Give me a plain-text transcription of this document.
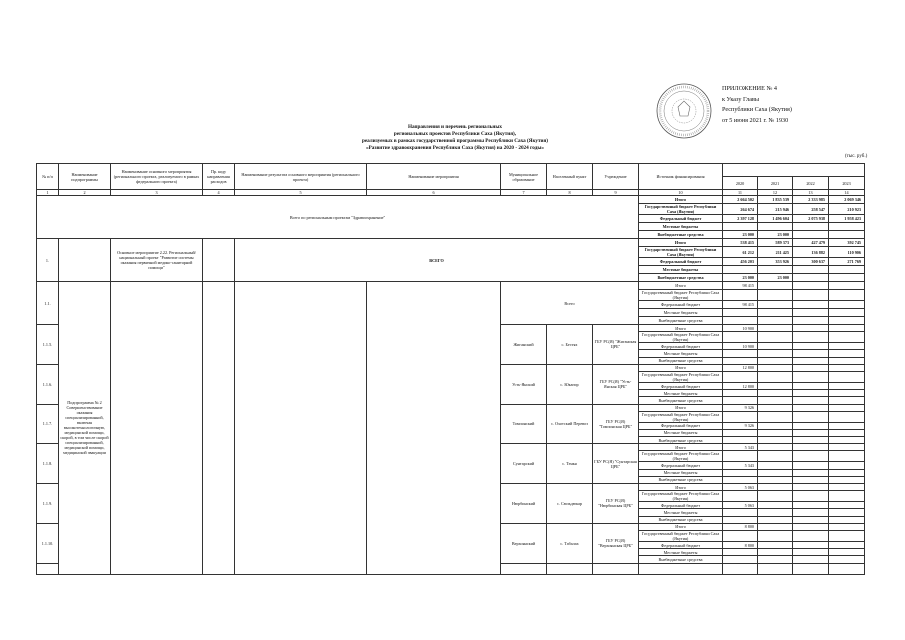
ПРИЛОЖЕНИЕ № 4
к Указу Главы
Республики Саха (Якутия)
от 5 июня 2021 г. № 1930
Направления и перечень региональных
региональных проектов Республики Саха (Якутия),
реализуемых в рамках государственной программы Республики Саха (Якутия)
«Развитие здравоохранения Республики Саха (Якутия) на 2020 - 2024 годы»
(тыс. руб.)
№ п/п	Наименование подпрограммы	Наименование основного мероприятия (регионального проекта, реализуемого в рамках федерального проекта)	Пр. коду направления расходов	Наименование результата основного мероприятия (регионального проекта)	Наименование мероприятия	Муниципальное образование	Населенный пункт	Учреждение	Источник финансирования					
										2020	2021	2022	2023	
1	2	3	4	5	6	7	8	9	10	11	12	13	14	
Всего по региональным проектам "Здравоохранение"									Итого	2 664 502	1 835 539	2 333 985	2 069 346	
									Государственный бюджет Республики Саха (Якутия)	264 674	215 946	258 547	210 923	
									Федеральный бюджет	2 397 128	1 496 604	2 075 938	1 958 423	
									Местные бюджеты					
									Внебюджетные средства	23 000	23 000			
1.		Основное мероприятие 2.22. Региональный/национальный проект "Развитие системы оказания первичной медико-санитарной помощи"		ВСЕГО					Итого	538 415	589 373	427 479	392 745	
									Государственный бюджет Республики Саха (Якутия)	61 212	211 425	136 882	110 906	
									Федеральный бюджет	456 203	353 926	300 637	271 769	
									Местные бюджеты					
									Внебюджетные средства	23 000	23 000			
1.1.	Подпрограмма № 2 Совершенствование оказания специализированной, включая высокотехнологичную, медицинской помощи, скорой, в том числе скорой специализированной, медицинской помощи, медицинской эвакуации					Всего			Итого	98 415				
									Государственный бюджет Республики Саха (Якутия)					
									Федеральный бюджет	98 415				
									Местные бюджеты					
									Внебюджетные средства					
1.1.5.						Жиганский	с. Бестях	ГБУ РС(Я) "Жиганская ЦРБ"	Итого	10 900				
									Государственный бюджет Республики Саха (Якутия)					
									Федеральный бюджет	10 900				
									Местные бюджеты					
									Внебюджетные средства					
1.1.6.						Усть-Янский	с. Юкагир	ГБУ РС(Я) "Усть-Янская ЦРБ"	Итого	12 800				
									Государственный бюджет Республики Саха (Якутия)					
									Федеральный бюджет	12 800				
									Местные бюджеты					
									Внебюджетные средства					
1.1.7.						Томпонский	с. Охотский Перевоз	ГБУ РС(Я) "Томпонская ЦРБ"	Итого	9 326				
									Государственный бюджет Республики Саха (Якутия)					
									Федеральный бюджет	9 326				
									Местные бюджеты					
									Внебюджетные средства					
1.1.8.						Сунтарский	с. Тенкя	ГБУ РС(Я) "Сунтарская ЦРБ"	Итого	5 343				
									Государственный бюджет Республики Саха (Якутия)					
									Федеральный бюджет	5 343				
									Местные бюджеты					
									Внебюджетные средства					
1.1.9.						Нюрбинский	с. Сюльдюкар	ГБУ РС(Я) "Нюрбинская ЦРБ"	Итого	5 063				
									Государственный бюджет Республики Саха (Якутия)					
									Федеральный бюджет	5 063				
									Местные бюджеты					
									Внебюджетные средства					
1.1.10.						Верхоянский	с. Табалах	ГБУ РС(Я) "Верхоянская ЦРБ"	Итого	8 800				
									Государственный бюджет Республики Саха (Якутия)					
									Федеральный бюджет	8 800				
									Местные бюджеты					
									Внебюджетные средства					
